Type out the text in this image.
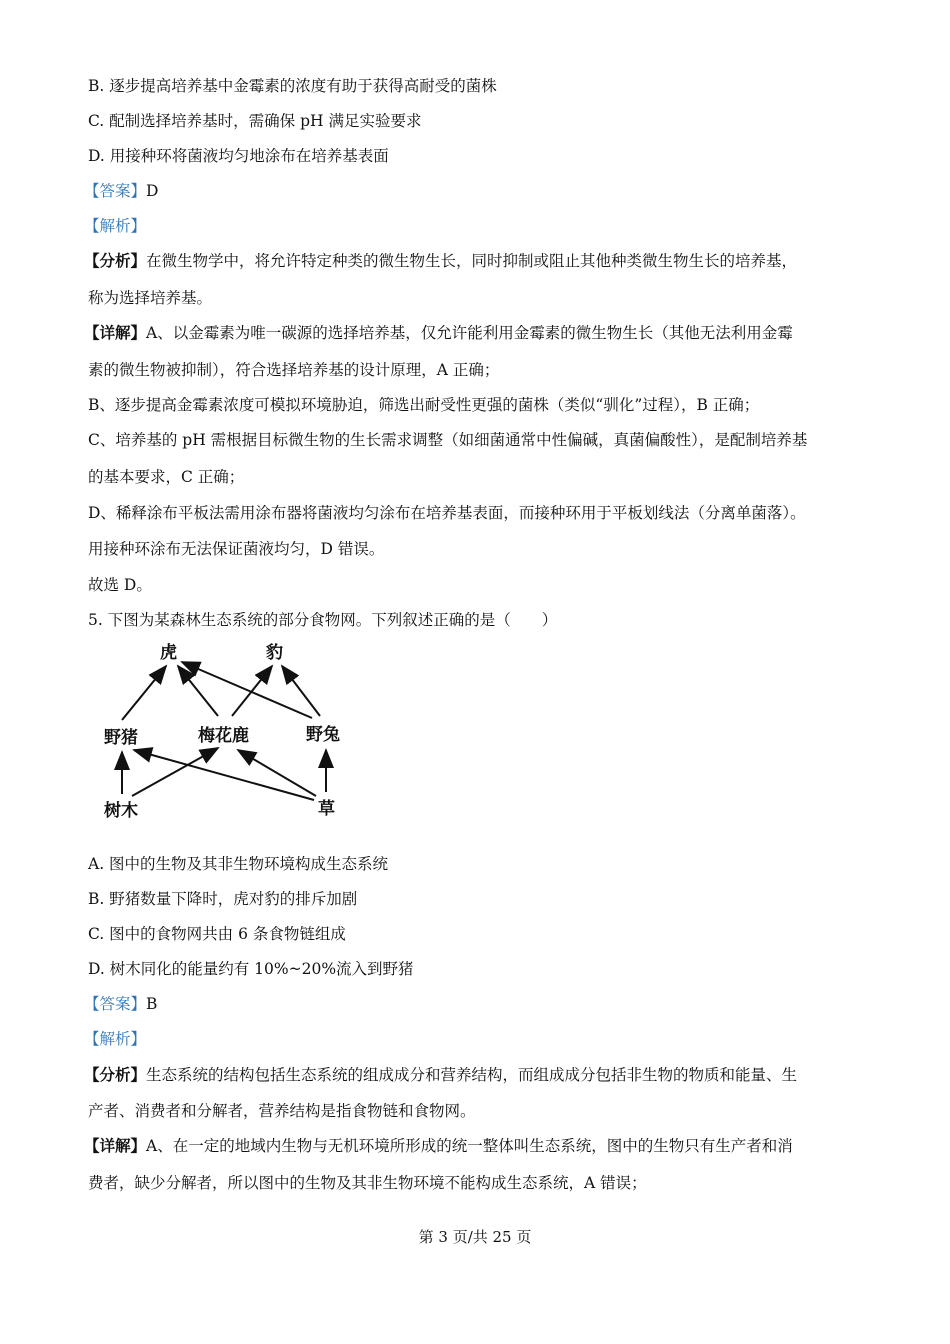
B. 逐步提高培养基中金霉素的浓度有助于获得高耐受的菌株
C. 配制选择培养基时，需确保 pH 满足实验要求
D. 用接种环将菌液均匀地涂布在培养基表面
【答案】D
【解析】
【分析】在微生物学中，将允许特定种类的微生物生长，同时抑制或阻止其他种类微生物生长的培养基，
称为选择培养基。
【详解】A、以金霉素为唯一碳源的选择培养基，仅允许能利用金霉素的微生物生长（其他无法利用金霉
素的微生物被抑制），符合选择培养基的设计原理，A 正确；
B、逐步提高金霉素浓度可模拟环境胁迫，筛选出耐受性更强的菌株（类似“驯化”过程），B 正确；
C、培养基的 pH 需根据目标微生物的生长需求调整（如细菌通常中性偏碱，真菌偏酸性），是配制培养基
的基本要求，C 正确；
D、稀释涂布平板法需用涂布器将菌液均匀涂布在培养基表面，而接种环用于平板划线法（分离单菌落）。
用接种环涂布无法保证菌液均匀，D 错误。
故选 D。
5. 下图为某森林生态系统的部分食物网。下列叙述正确的是（　　）
虎	豹
野猪	梅花鹿	野兔
树木	草
A. 图中的生物及其非生物环境构成生态系统
B. 野猪数量下降时，虎对豹的排斥加剧
C. 图中的食物网共由 6 条食物链组成
D. 树木同化的能量约有 10%~20%流入到野猪
【答案】B
【解析】
【分析】生态系统的结构包括生态系统的组成成分和营养结构，而组成成分包括非生物的物质和能量、生
产者、消费者和分解者，营养结构是指食物链和食物网。
【详解】A、在一定的地域内生物与无机环境所形成的统一整体叫生态系统，图中的生物只有生产者和消
费者，缺少分解者，所以图中的生物及其非生物环境不能构成生态系统，A 错误；
第 3 页/共 25 页
